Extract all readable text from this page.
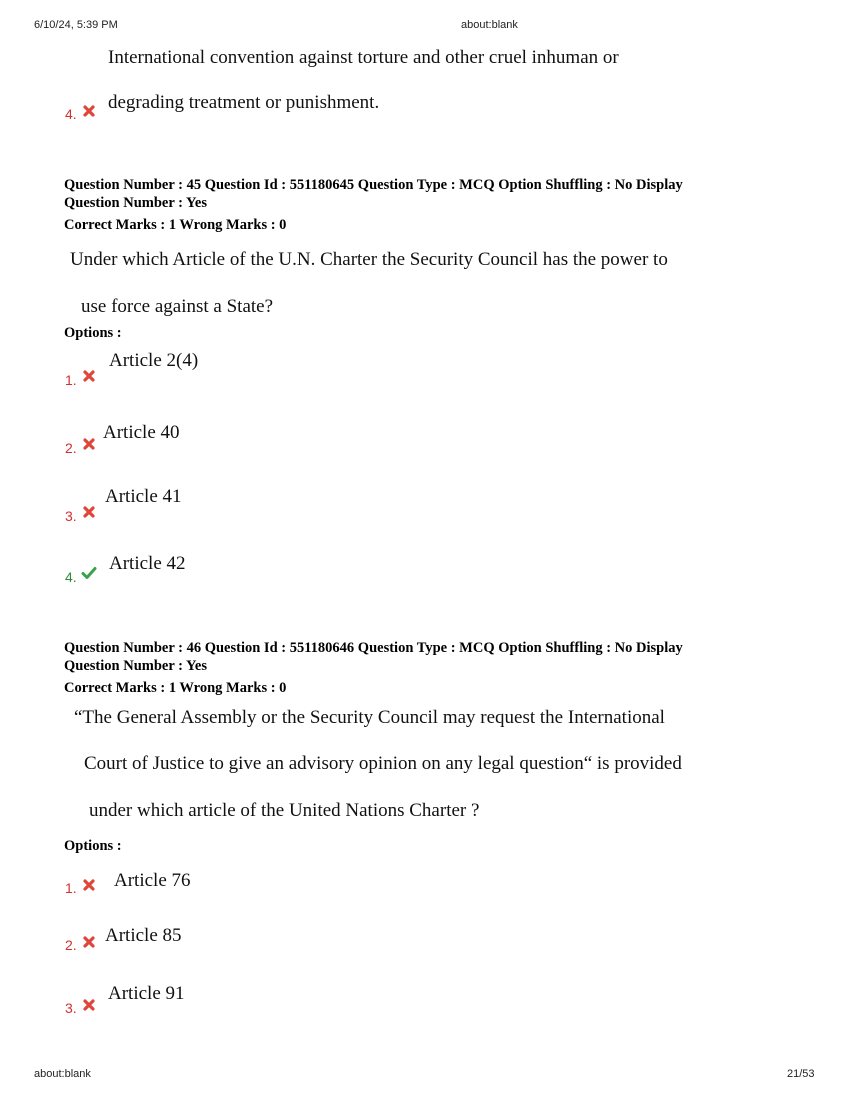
6/10/24, 5:39 PM	about:blank
International convention against torture and other cruel inhuman or
4.
degrading treatment or punishment.
Question Number : 45 Question Id : 551180645 Question Type : MCQ Option Shuffling : No Display
Question Number : Yes
Correct Marks : 1 Wrong Marks : 0
Under which Article of the U.N. Charter the Security Council has the power to
use force against a State?
Options :
Article 2(4)
1.
Article 40
2.
Article 41
3.
Article 42
4.
Question Number : 46 Question Id : 551180646 Question Type : MCQ Option Shuffling : No Display
Question Number : Yes
Correct Marks : 1 Wrong Marks : 0
“The General Assembly or the Security Council may request the International
Court of Justice to give an advisory opinion on any legal question“ is provided
under which article of the United Nations Charter ?
Options :
Article 76
1.
Article 85
2.
Article 91
3.
about:blank	21/53
